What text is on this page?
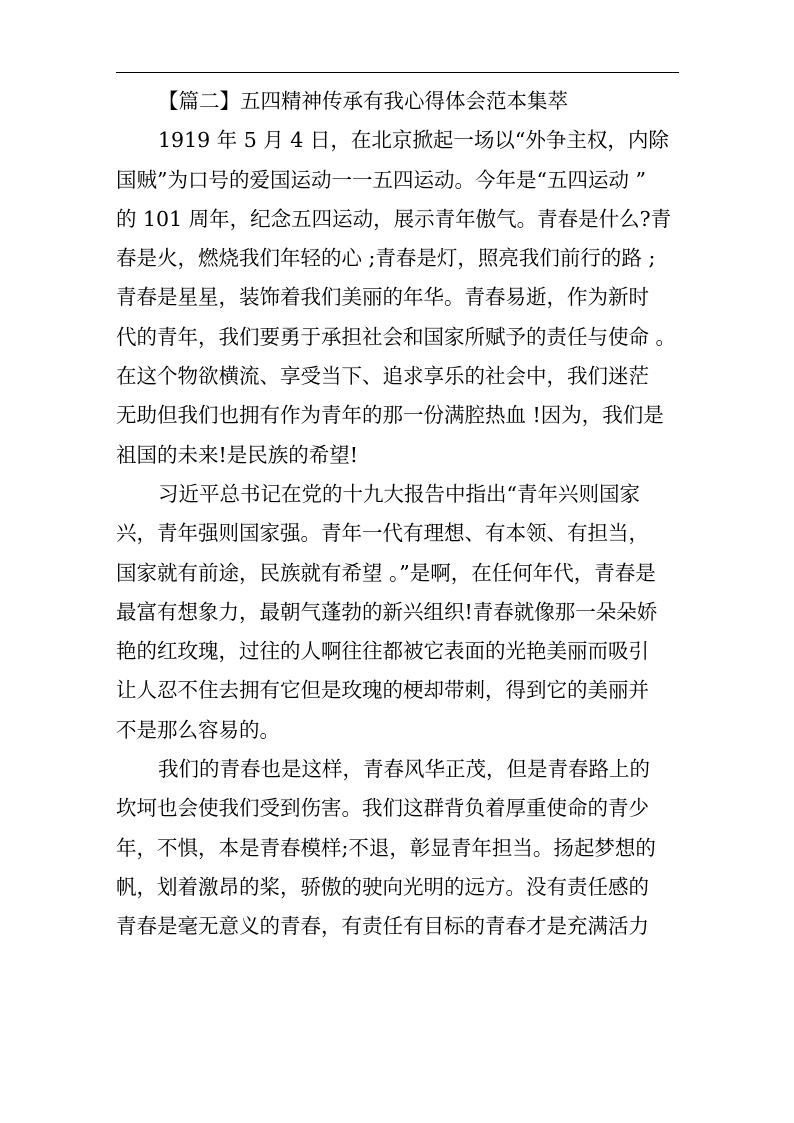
【篇二】五四精神传承有我心得体会范本集萃
1919 年 5 月 4 日，在北京掀起一场以“外争主权，内除
国贼”为口号的爱国运动一一五四运动。今年是“五四运动 ”
的 101 周年，纪念五四运动，展示青年傲气。青春是什么?青
春是火，燃烧我们年轻的心 ;青春是灯，照亮我们前行的路 ;
青春是星星，装饰着我们美丽的年华。青春易逝，作为新时
代的青年，我们要勇于承担社会和国家所赋予的责任与使命 。
在这个物欲横流、享受当下、追求享乐的社会中，我们迷茫
无助但我们也拥有作为青年的那一份满腔热血 !因为，我们是
祖国的未来!是民族的希望!
习近平总书记在党的十九大报告中指出“青年兴则国家
兴，青年强则国家强。青年一代有理想、有本领、有担当，
国家就有前途，民族就有希望 。”是啊，在任何年代，青春是
最富有想象力，最朝气蓬勃的新兴组织!青春就像那一朵朵娇
艳的红玫瑰，过往的人啊往往都被它表面的光艳美丽而吸引
让人忍不住去拥有它但是玫瑰的梗却带刺，得到它的美丽并
不是那么容易的。
我们的青春也是这样，青春风华正茂，但是青春路上的
坎坷也会使我们受到伤害。我们这群背负着厚重使命的青少
年，不惧，本是青春模样;不退，彰显青年担当。扬起梦想的
帆，划着激昂的桨，骄傲的驶向光明的远方。没有责任感的
青春是毫无意义的青春，有责任有目标的青春才是充满活力
